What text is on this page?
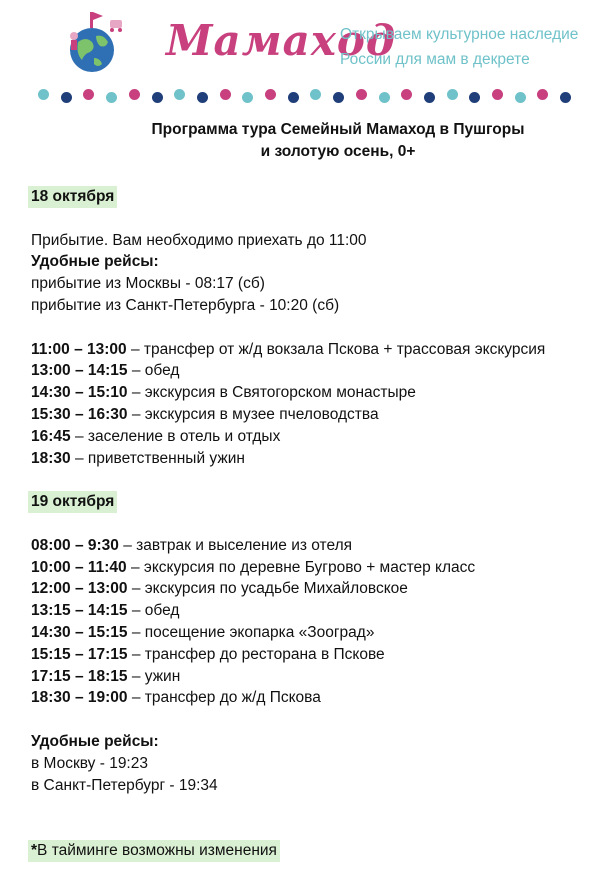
Мамаход
Открываем культурное наследие
России для мам в декрете
Программа тура Семейный Мамаход в Пушгоры
и золотую осень, 0+
18 октября
Прибытие. Вам необходимо приехать до 11:00
Удобные рейсы:
прибытие из Москвы - 08:17 (сб)
прибытие из Санкт-Петербурга - 10:20 (сб)
11:00 – 13:00 – трансфер от ж/д вокзала Пскова + трассовая экскурсия
13:00 – 14:15 – обед
14:30 – 15:10 – экскурсия в Святогорском монастыре
15:30 – 16:30 – экскурсия в музее пчеловодства
16:45 – заселение в отель и отдых
18:30 – приветственный ужин
19 октября
08:00 – 9:30 – завтрак и выселение из отеля
10:00 – 11:40 – экскурсия по деревне Бугрово + мастер класс
12:00 – 13:00 – экскурсия по усадьбе Михайловское
13:15 – 14:15 – обед
14:30 – 15:15 – посещение экопарка «Зооград»
15:15 – 17:15 – трансфер до ресторана в Пскове
17:15 – 18:15 – ужин
18:30 – 19:00 – трансфер до ж/д Пскова
Удобные рейсы:
в Москву - 19:23
в Санкт-Петербург - 19:34
*В тайминге возможны изменения
